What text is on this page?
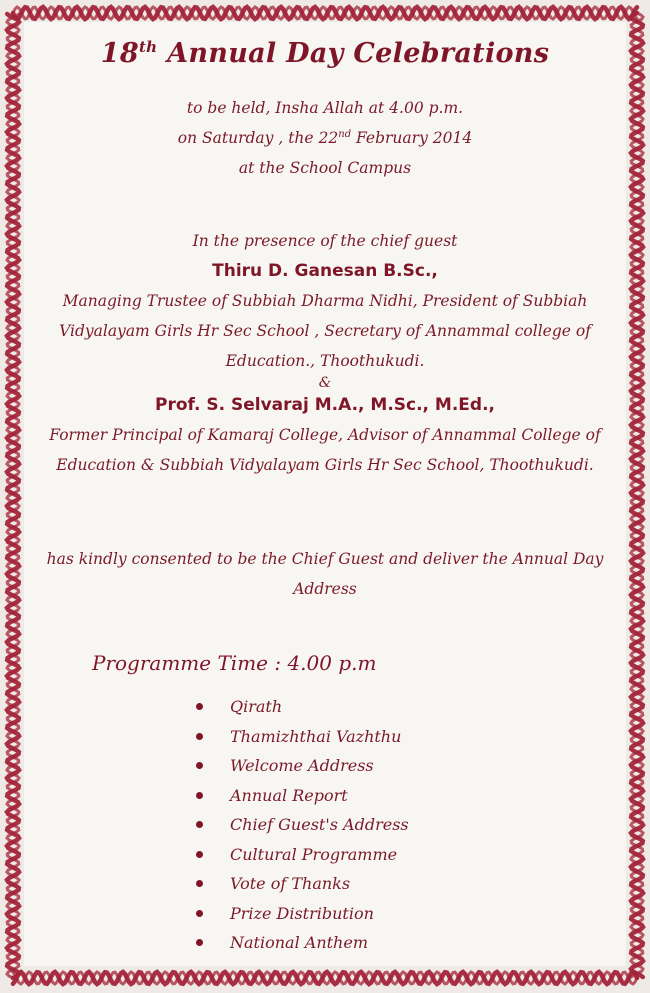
18th Annual Day Celebrations
to be held, Insha Allah at 4.00 p.m.
on Saturday , the 22nd February 2014
at the School Campus
In the presence of the chief guest
Thiru D. Ganesan B.Sc.,
Managing Trustee of Subbiah Dharma Nidhi, President of Subbiah
Vidyalayam Girls Hr Sec School , Secretary of Annammal college of
Education., Thoothukudi.
&
Prof. S. Selvaraj M.A., M.Sc., M.Ed.,
Former Principal of Kamaraj College, Advisor of Annammal College of
Education & Subbiah Vidyalayam Girls Hr Sec School, Thoothukudi.
has kindly consented to be the Chief Guest and deliver the Annual Day
Address
Programme Time : 4.00 p.m
Qirath
Thamizhthai Vazhthu
Welcome Address
Annual Report
Chief Guest's Address
Cultural Programme
Vote of Thanks
Prize Distribution
National Anthem
